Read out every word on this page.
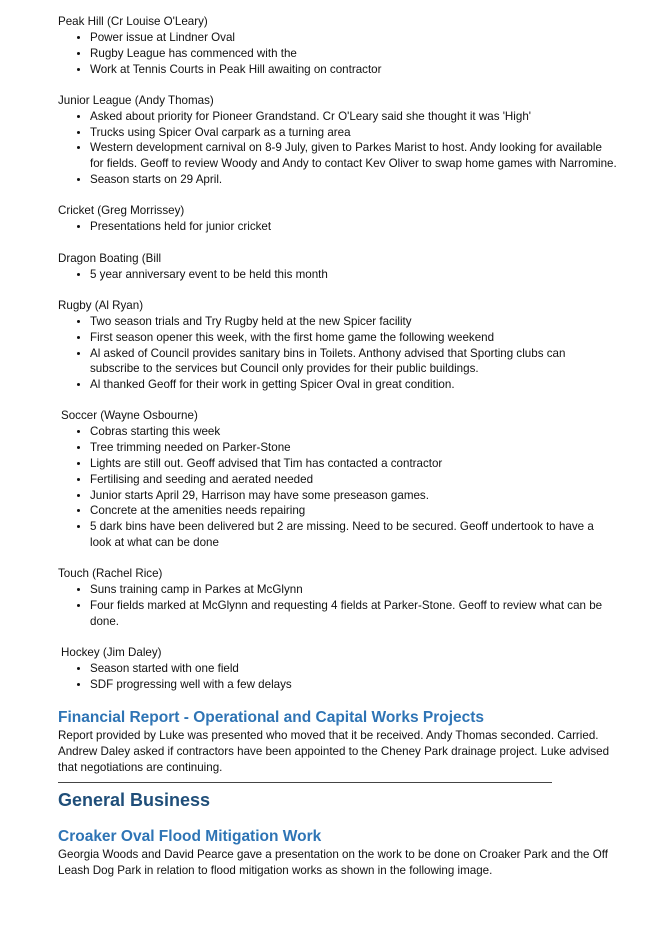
Peak Hill (Cr Louise O'Leary)
• Power issue at Lindner Oval
• Rugby League has commenced with the
• Work at Tennis Courts in Peak Hill awaiting on contractor
Junior League (Andy Thomas)
• Asked about priority for Pioneer Grandstand. Cr O'Leary said she thought it was 'High'
• Trucks using Spicer Oval carpark as a turning area
• Western development carnival on 8-9 July, given to Parkes Marist to host. Andy looking for available for fields. Geoff to review Woody and Andy to contact Kev Oliver to swap home games with Narromine.
• Season starts on 29 April.
Cricket (Greg Morrissey)
• Presentations held for junior cricket
Dragon Boating (Bill
• 5 year anniversary event to be held this month
Rugby (Al Ryan)
• Two season trials and Try Rugby held at the new Spicer facility
• First season opener this week, with the first home game the following weekend
• Al asked of Council provides sanitary bins in Toilets. Anthony advised that Sporting clubs can subscribe to the services but Council only provides for their public buildings.
• Al thanked Geoff for their work in getting Spicer Oval in great condition.
Soccer (Wayne Osbourne)
• Cobras starting this week
• Tree trimming needed on Parker-Stone
• Lights are still out. Geoff advised that Tim has contacted a contractor
• Fertilising and seeding and aerated needed
• Junior starts April 29, Harrison may have some preseason games.
• Concrete at the amenities needs repairing
• 5 dark bins have been delivered but 2 are missing. Need to be secured. Geoff undertook to have a look at what can be done
Touch (Rachel Rice)
• Suns training camp in Parkes at McGlynn
• Four fields marked at McGlynn and requesting 4 fields at Parker-Stone. Geoff to review what can be done.
Hockey (Jim Daley)
• Season started with one field
• SDF progressing well with a few delays
Financial Report - Operational and Capital Works Projects
Report provided by Luke was presented who moved that it be received. Andy Thomas seconded. Carried.
Andrew Daley asked if contractors have been appointed to the Cheney Park drainage project. Luke advised that negotiations are continuing.
General Business
Croaker Oval Flood Mitigation Work
Georgia Woods and David Pearce gave a presentation on the work to be done on Croaker Park and the Off Leash Dog Park in relation to flood mitigation works as shown in the following image.
